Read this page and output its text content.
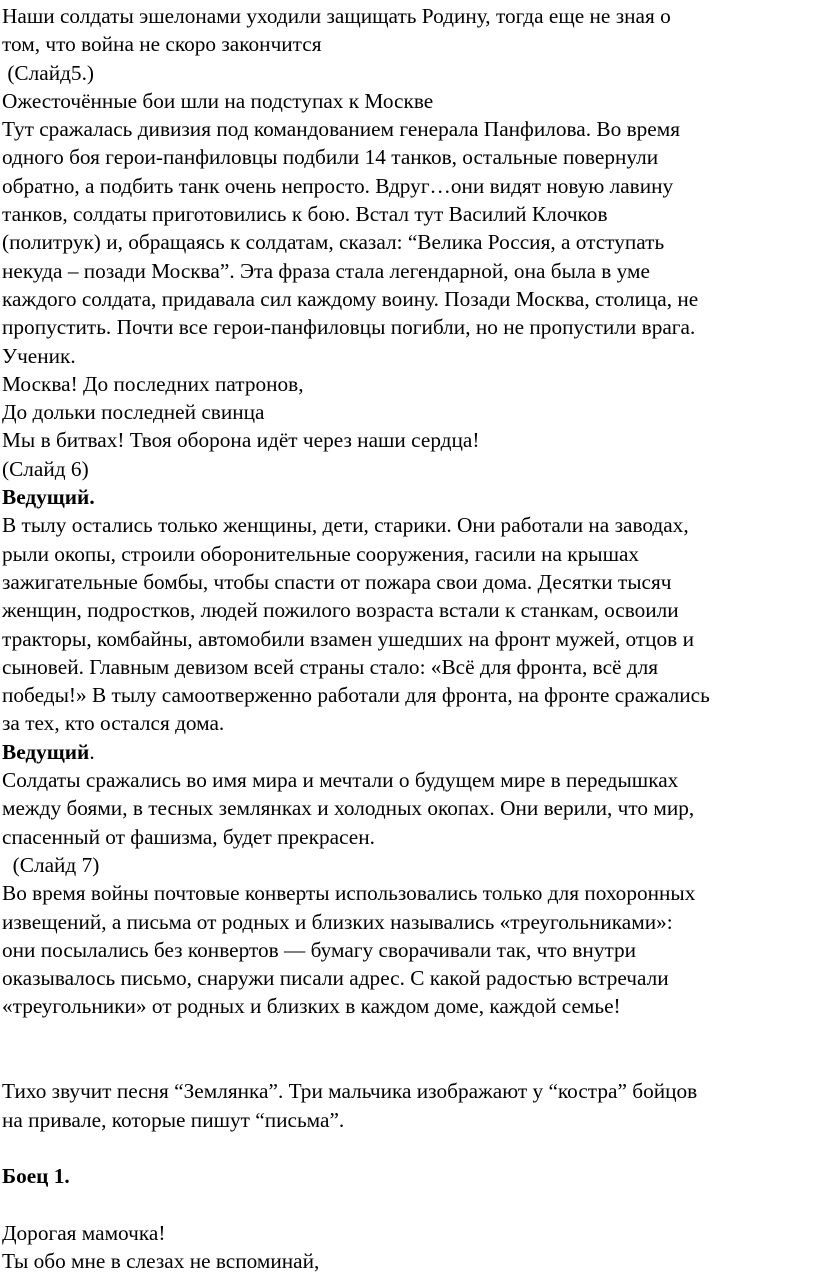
Наши солдаты эшелонами уходили защищать Родину, тогда еще не зная о
том, что война не скоро закончится
(Слайд5.)
Ожесточённые бои шли на подступах к Москве
Тут сражалась дивизия под командованием генерала Панфилова. Во время
одного боя герои-панфиловцы подбили 14 танков, остальные повернули
обратно, а подбить танк очень непросто. Вдруг…они видят новую лавину
танков, солдаты приготовились к бою. Встал тут Василий Клочков
(политрук) и, обращаясь к солдатам, сказал: “Велика Россия, а отступать
некуда – позади Москва”. Эта фраза стала легендарной, она была в уме
каждого солдата, придавала сил каждому воину. Позади Москва, столица, не
пропустить. Почти все герои-панфиловцы погибли, но не пропустили врага.
Ученик.
Москва! До последних патронов,
До дольки последней свинца
Мы в битвах! Твоя оборона идёт через наши сердца!
(Слайд 6)
Ведущий.
В тылу остались только женщины, дети, старики. Они работали на заводах,
рыли окопы, строили оборонительные сооружения, гасили на крышах
зажигательные бомбы, чтобы спасти от пожара свои дома. Десятки тысяч
женщин, подростков, людей пожилого возраста встали к станкам, освоили
тракторы, комбайны, автомобили взамен ушедших на фронт мужей, отцов и
сыновей. Главным девизом всей страны стало: «Всё для фронта, всё для
победы!» В тылу самоотверженно работали для фронта, на фронте сражались
за тех, кто остался дома.
Ведущий.
Солдаты сражались во имя мира и мечтали о будущем мире в передышках
между боями, в тесных землянках и холодных окопах. Они верили, что мир,
спасенный от фашизма, будет прекрасен.
(Слайд 7)
Во время войны почтовые конверты использовались только для похоронных
извещений, а письма от родных и близких назывались «треугольниками»:
они посылались без конвертов — бумагу сворачивали так, что внутри
оказывалось письмо, снаружи писали адрес. С какой радостью встречали
«треугольники» от родных и близких в каждом доме, каждой семье!
Тихо звучит песня “Землянка”. Три мальчика изображают у “костра” бойцов
на привале, которые пишут “письма”.
Боец 1.
Дорогая мамочка!
Ты обо мне в слезах не вспоминай,
